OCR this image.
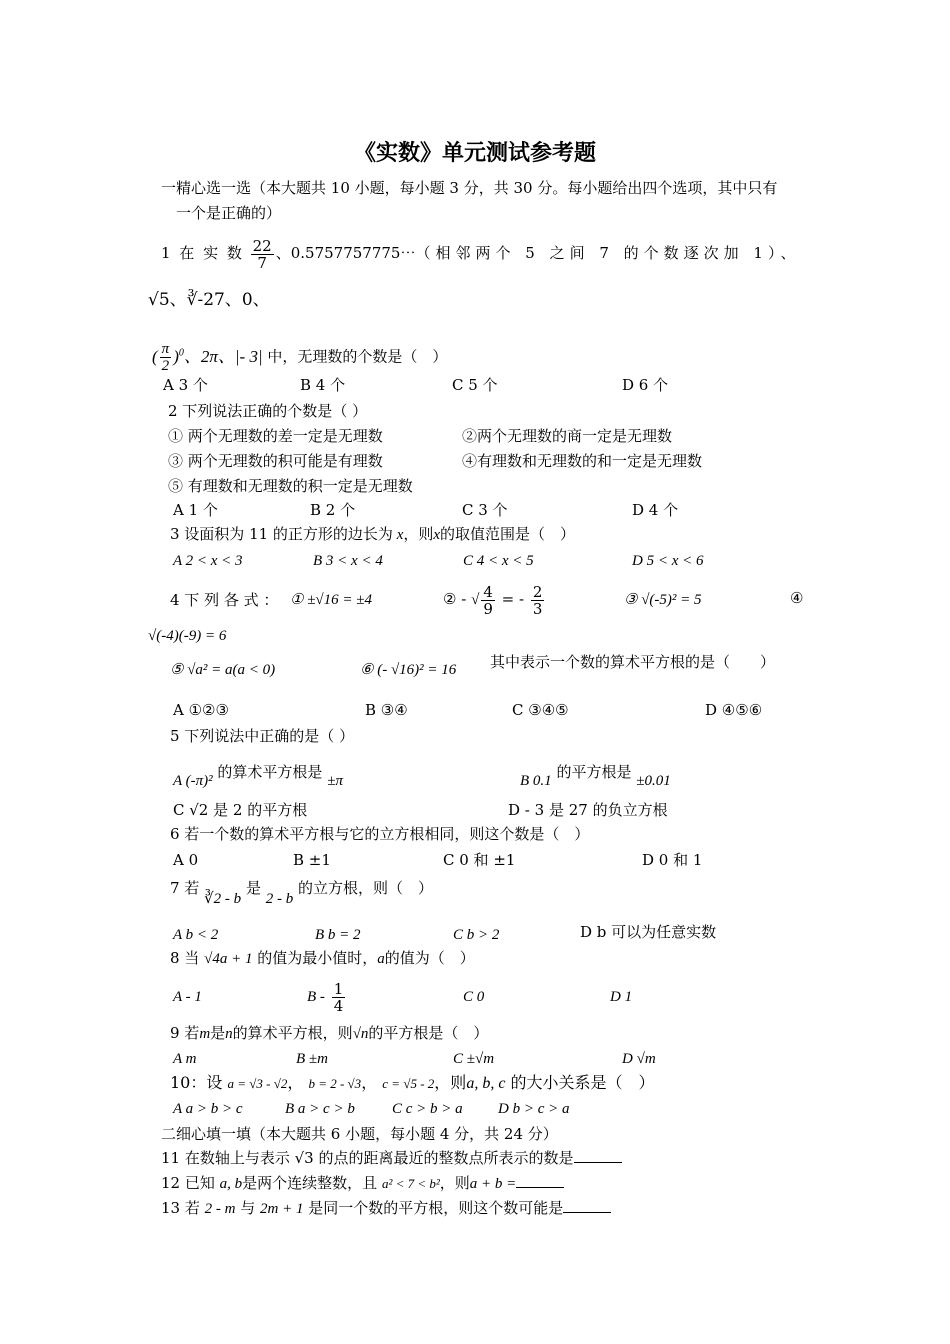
《实数》单元测试参考题
一精心选一选（本大题共 10 小题，每小题 3 分，共 30 分。每小题给出四个选项，其中只有
一个是正确的）
1 在 实 数 $\frac{22}{7}$ 、0.5757757775⋯（相邻两个 5 之间 7 的个数逐次加 1）、
√5、∛-27、0、
( $\frac{\pi}{2} )^0$、2π、|- 3| 中，无理数的个数是（　）
A 3 个	B 4 个	C 5 个	D 6 个
2 下列说法正确的个数是（ ）
① 两个无理数的差一定是无理数	②两个无理数的商一定是无理数
③ 两个无理数的积可能是有理数	④有理数和无理数的和一定是无理数
⑤ 有理数和无理数的积一定是无理数
A 1 个	B 2 个	C 3 个	D 4 个
3 设面积为 11 的正方形的边长为 x，则x的取值范围是（　）
A 2 < x < 3	B 3 < x < 4	C 4 < x < 5	D 5 < x < 6
4 下 列 各 式 ： ① ±√16 = ±4	② - √ $\frac{4}{9}$ = - $\frac{2}{3}$	③ √(-5)² = 5	④
√(-4)(-9) = 6
⑤ √a² = a(a < 0)	⑥ (- √16)² = 16 其中表示一个数的算术平方根的是（　　）
A ①②③	B ③④	C ③④⑤	D ④⑤⑥
5 下列说法中正确的是（ ）
A (-π)² 的算术平方根是 ±π	B 0.1 的平方根是 ±0.01
C √2 是 2 的平方根	D - 3 是 27 的负立方根
6 若一个数的算术平方根与它的立方根相同，则这个数是（　）
A 0	B ±1	C 0 和 ±1	D 0 和 1
7 若 ∛2 - b 是 2 - b 的立方根，则（　）
A b < 2	B b = 2	C b > 2	D b 可以为任意实数
8 当 √4a + 1 的值为最小值时，a的值为（　）
A - 1	B - $\frac{1}{4}$	C 0	D 1
9 若m是n的算术平方根，则√n的平方根是（　）
A m	B ±m	C ±√m	D √m
10：设 a = √3 - √2， b = 2 - √3， c = √5 - 2，则a, b, c 的大小关系是（　）
A a > b > c	B a > c > b C c > b > a D b > c > a
二细心填一填（本大题共 6 小题，每小题 4 分，共 24 分）
11 在数轴上与表示 √3 的点的距离最近的整数点所表示的数是
12 已知 a, b是两个连续整数，且 a² < 7 < b²，则a + b =
13 若 2 - m 与 2m + 1 是同一个数的平方根，则这个数可能是
